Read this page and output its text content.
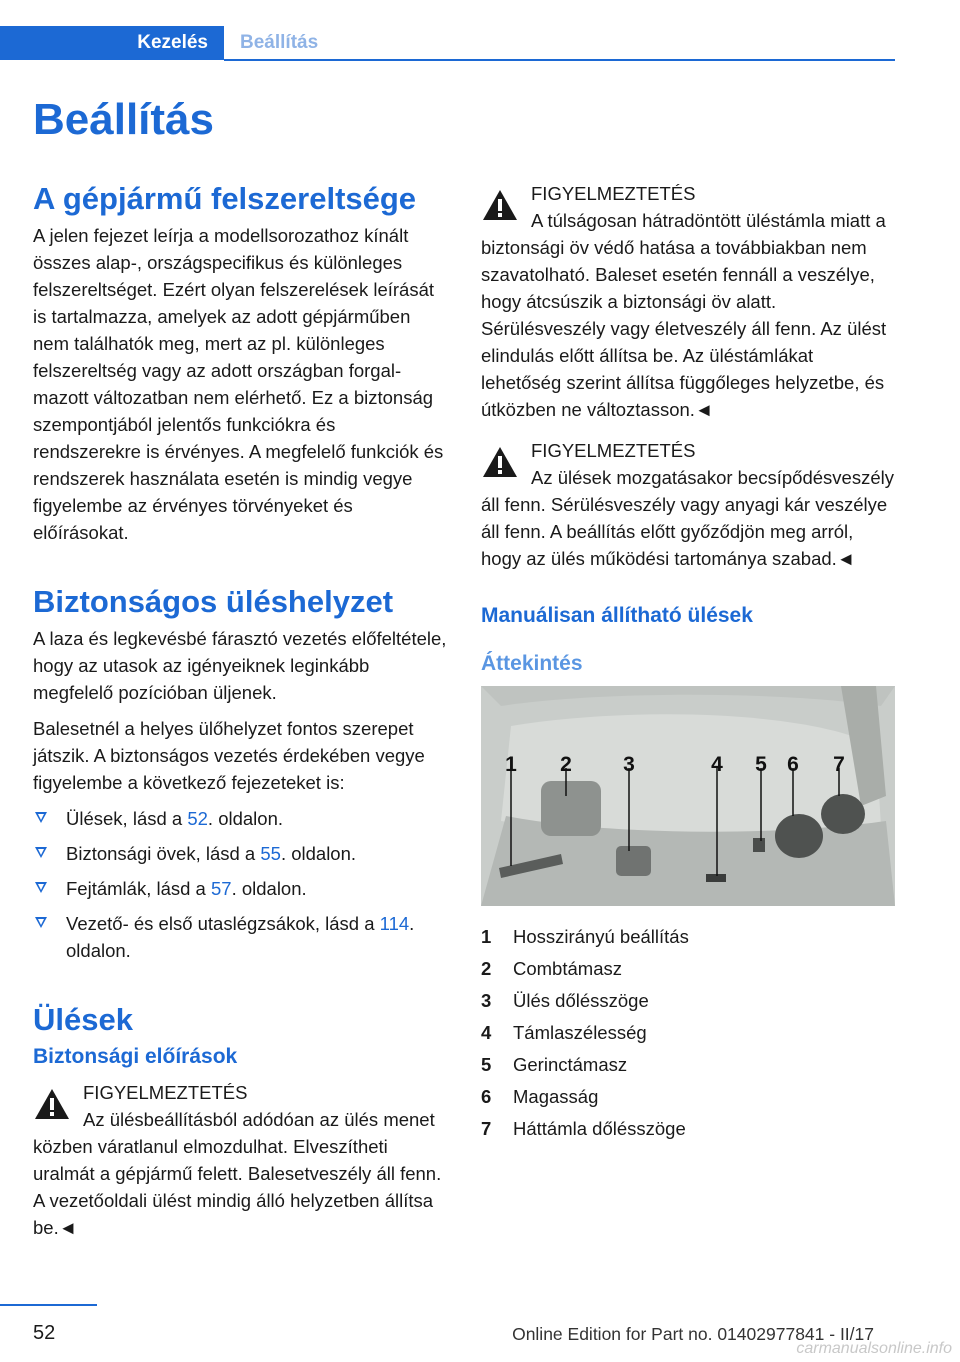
Kezelés	Beállítás
Beállítás
A gépjármű felszereltsége

A jelen fejezet leírja a modellsorozathoz kínált összes alap-, országspecifikus és különleges felszereltséget. Ezért olyan felszerelések leírását is tartalmazza, amelyek az adott gépjárműben nem találhatók meg, mert az pl. különleges felszereltség vagy az adott országban forgalmazott változatban nem elérhető. Ez a biztonság szempontjából jelentős funkciókra és rendszerekre is érvényes. A megfelelő funkciók és rendszerek használata esetén is mindig vegye figyelembe az érvényes törvényeket és előírásokat.

Biztonságos üléshelyzet

A laza és legkevésbé fárasztó vezetés előfeltétele, hogy az utasok az igényeiknek leginkább megfelelő pozícióban üljenek.

Balesetnél a helyes ülőhelyzet fontos szerepet játszik. A biztonságos vezetés érdekében vegye figyelembe a következő fejezeteket is:

Ülések, lásd a 52. oldalon.
Biztonsági övek, lásd a 55. oldalon.
Fejtámlák, lásd a 57. oldalon.
Vezető- és első utaslégzsákok, lásd a 114. oldalon.
Ülések
Biztonsági előírások
FIGYELMEZTETÉS
Az ülésbeállításból adódóan az ülés menet közben váratlanul elmozdulhat. Elveszítheti uralmát a gépjármű felett. Balesetveszély áll fenn. A vezetőoldali ülést mindig álló helyzetben állítsa be.◄
FIGYELMEZTETÉS
A túlságosan hátradöntött üléstámla miatt a biztonsági öv védő hatása a továbbiakban nem szavatolható. Baleset esetén fennáll a veszélye, hogy átcsúszik a biztonsági öv alatt. Sérülésveszély vagy életveszély áll fenn. Az ülést elindulás előtt állítsa be. Az üléstámlákat lehetőség szerint állítsa függőleges helyzetbe, és útközben ne változtasson.◄
FIGYELMEZTETÉS
Az ülések mozgatásakor becsípődésveszély áll fenn. Sérülésveszély vagy anyagi kár veszélye áll fenn. A beállítás előtt győződjön meg arról, hogy az ülés működési tartománya szabad.◄
Manuálisan állítható ülések
Áttekintés
1 2 3	4 5 6 7
1	Hosszirányú beállítás
2	Combtámasz
3	Ülés dőlésszöge
4	Támlaszélesség
5	Gerinctámasz
6	Magasság
7	Háttámla dőlésszöge
52	Online Edition for Part no. 01402977841 - II/17
carmanualsonline.info
